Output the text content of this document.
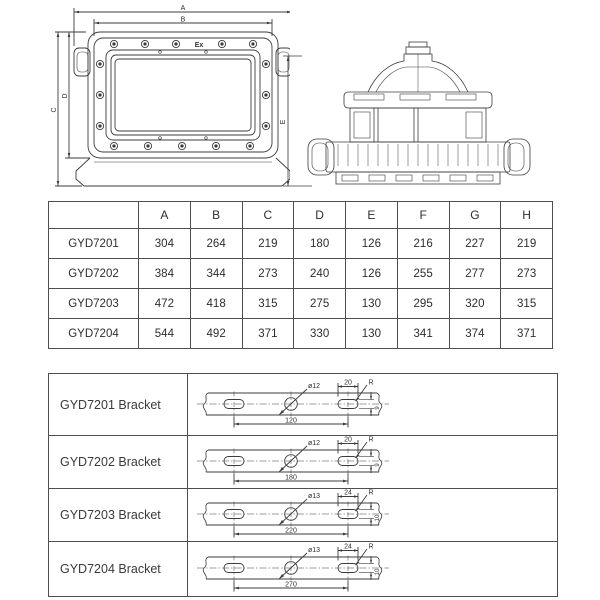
A
B
C
D
Ex
E
	A	B	C	D	E	F	G	H
GYD7201	304	264	219	180	126	216	227	219
GYD7202	384	344	273	240	126	255	277	273
GYD7203	472	418	315	275	130	295	320	315
GYD7204	544	492	371	330	130	341	374	371
GYD7201 Bracket	ø12 20 R
9
120

GYD7202 Bracket	ø12 20 R
9
180

GYD7203 Bracket	ø13 24 R
10
220

GYD7204 Bracket	ø13 24 R
10
270
